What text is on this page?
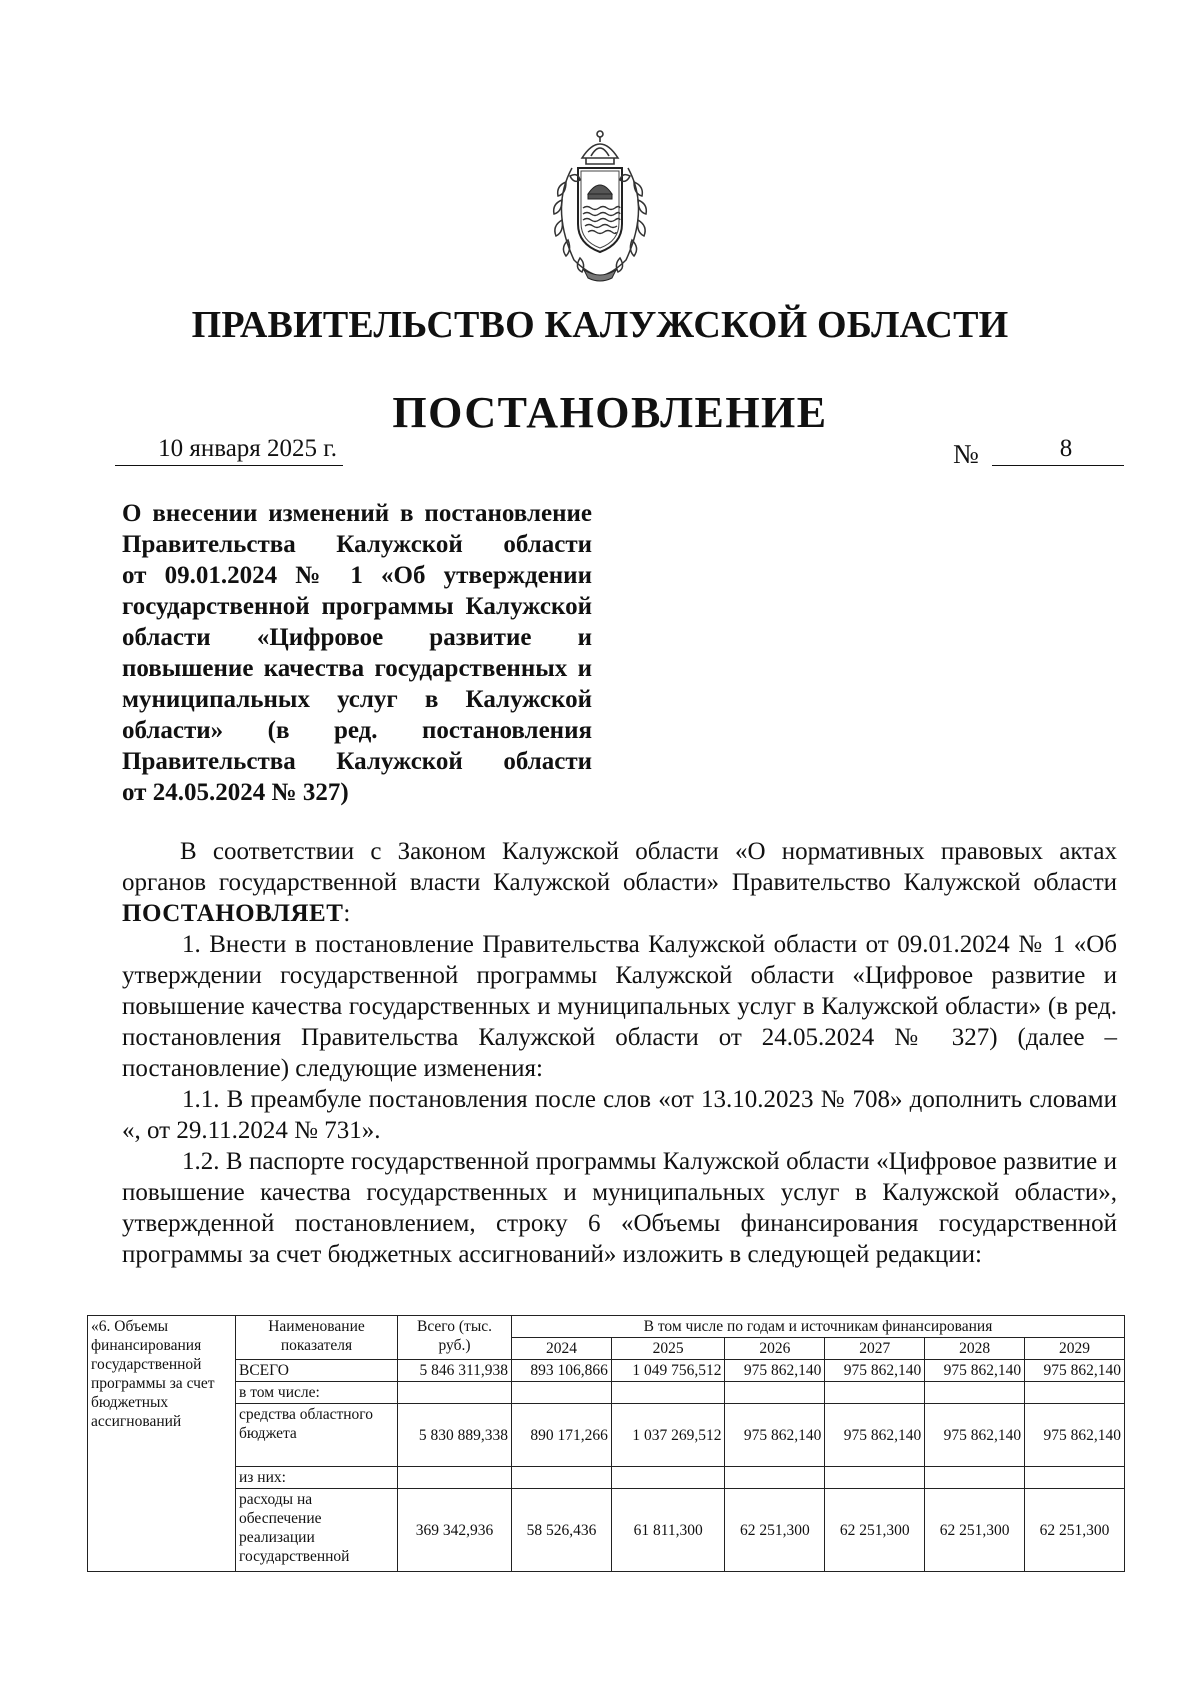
ПРАВИТЕЛЬСТВО КАЛУЖСКОЙ ОБЛАСТИ
ПОСТАНОВЛЕНИЕ
10 января 2025 г.	№	8
О внесении изменений в постановление
Правительства Калужской области
от 09.01.2024 № 1 «Об утверждении
государственной программы Калужской
области «Цифровое развитие и
повышение качества государственных и
муниципальных услуг в Калужской
области» (в ред. постановления
Правительства Калужской области
от 24.05.2024 № 327)

В соответствии с Законом Калужской области «О нормативных правовых актах органов государственной власти Калужской области» Правительство Калужской области ПОСТАНОВЛЯЕТ:

1. Внести в постановление Правительства Калужской области от 09.01.2024 № 1 «Об утверждении государственной программы Калужской области «Цифровое развитие и повышение качества государственных и муниципальных услуг в Калужской области» (в ред. постановления Правительства Калужской области от 24.05.2024 № 327) (далее – постановление) следующие изменения:

1.1. В преамбуле постановления после слов «от 13.10.2023 № 708» дополнить словами «, от 29.11.2024 № 731».

1.2. В паспорте государственной программы Калужской области «Цифровое развитие и повышение качества государственных и муниципальных услуг в Калужской области», утвержденной постановлением, строку 6 «Объемы финансирования государственной программы за счет бюджетных ассигнований» изложить в следующей редакции:

«6. Объемы финансирования государственной программы за счет бюджетных ассигнований	Наименование показателя	Всего (тыс. руб.)	В том числе по годам и источникам финансирования					
			2024	2025	2026	2027	2028	2029
	ВСЕГО	5 846 311,938	893 106,866	1 049 756,512	975 862,140	975 862,140	975 862,140	975 862,140
	в том числе:							
	средства областного бюджета	5 830 889,338	890 171,266	1 037 269,512	975 862,140	975 862,140	975 862,140	975 862,140
	из них:							
	расходы на обеспечение реализации государственной	369 342,936	58 526,436	61 811,300	62 251,300	62 251,300	62 251,300	62 251,300
